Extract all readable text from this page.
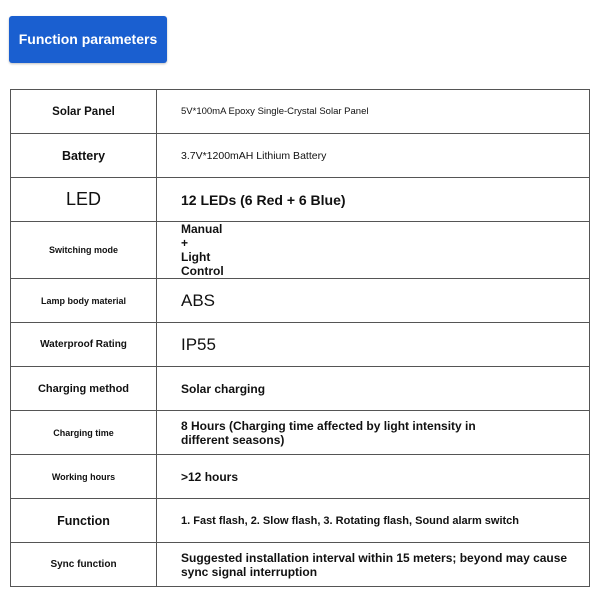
Function parameters
Solar Panel	5V*100mA Epoxy Single-Crystal Solar Panel
Battery	3.7V*1200mAH Lithium Battery
LED	12 LEDs (6 Red + 6 Blue)
Switching mode	Manual + Light Control
Lamp body material	ABS
Waterproof Rating	IP55
Charging method	Solar charging
Charging time	8 Hours (Charging time affected by light intensity in different seasons)
Working hours	>12 hours
Function	1. Fast flash, 2. Slow flash, 3. Rotating flash, Sound alarm switch
Sync function	Suggested installation interval within 15 meters; beyond may cause sync signal interruption
